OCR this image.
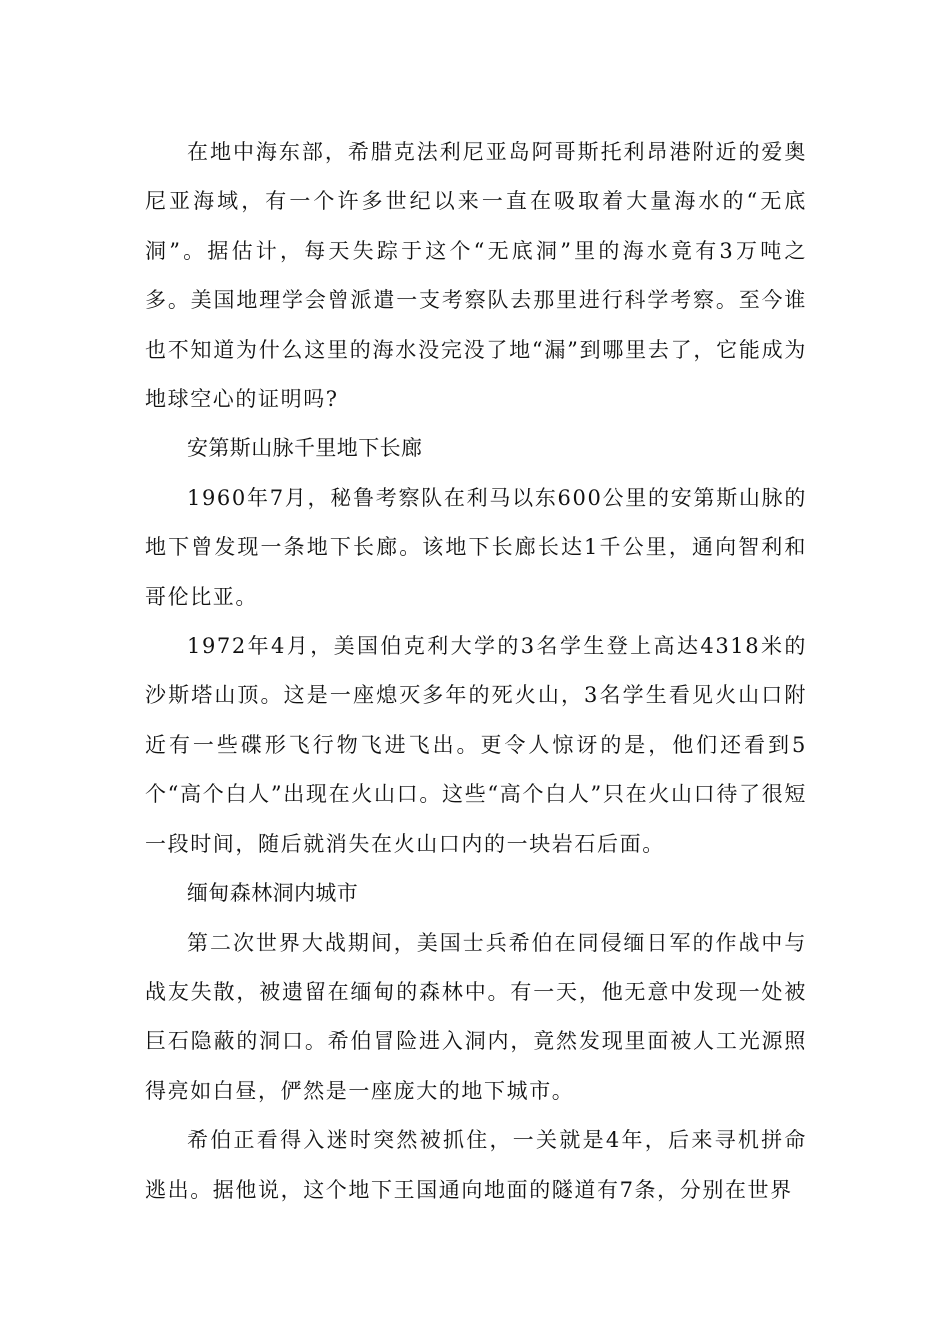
在地中海东部，希腊克法利尼亚岛阿哥斯托利昂港附近的爱奥尼亚海域，有一个许多世纪以来一直在吸取着大量海水的“无底洞”。据估计，每天失踪于这个“无底洞”里的海水竟有3万吨之多。美国地理学会曾派遣一支考察队去那里进行科学考察。至今谁也不知道为什么这里的海水没完没了地“漏”到哪里去了，它能成为地球空心的证明吗?

安第斯山脉千里地下长廊

1960年7月，秘鲁考察队在利马以东600公里的安第斯山脉的地下曾发现一条地下长廊。该地下长廊长达1千公里，通向智利和哥伦比亚。

1972年4月，美国伯克利大学的3名学生登上高达4318米的沙斯塔山顶。这是一座熄灭多年的死火山，3名学生看见火山口附近有一些碟形飞行物飞进飞出。更令人惊讶的是，他们还看到5个“高个白人”出现在火山口。这些“高个白人”只在火山口待了很短一段时间，随后就消失在火山口内的一块岩石后面。

缅甸森林洞内城市

第二次世界大战期间，美国士兵希伯在同侵缅日军的作战中与战友失散，被遗留在缅甸的森林中。有一天，他无意中发现一处被巨石隐蔽的洞口。希伯冒险进入洞内，竟然发现里面被人工光源照得亮如白昼，俨然是一座庞大的地下城市。

希伯正看得入迷时突然被抓住，一关就是4年，后来寻机拼命逃出。据他说，这个地下王国通向地面的隧道有7条，分别在世界
